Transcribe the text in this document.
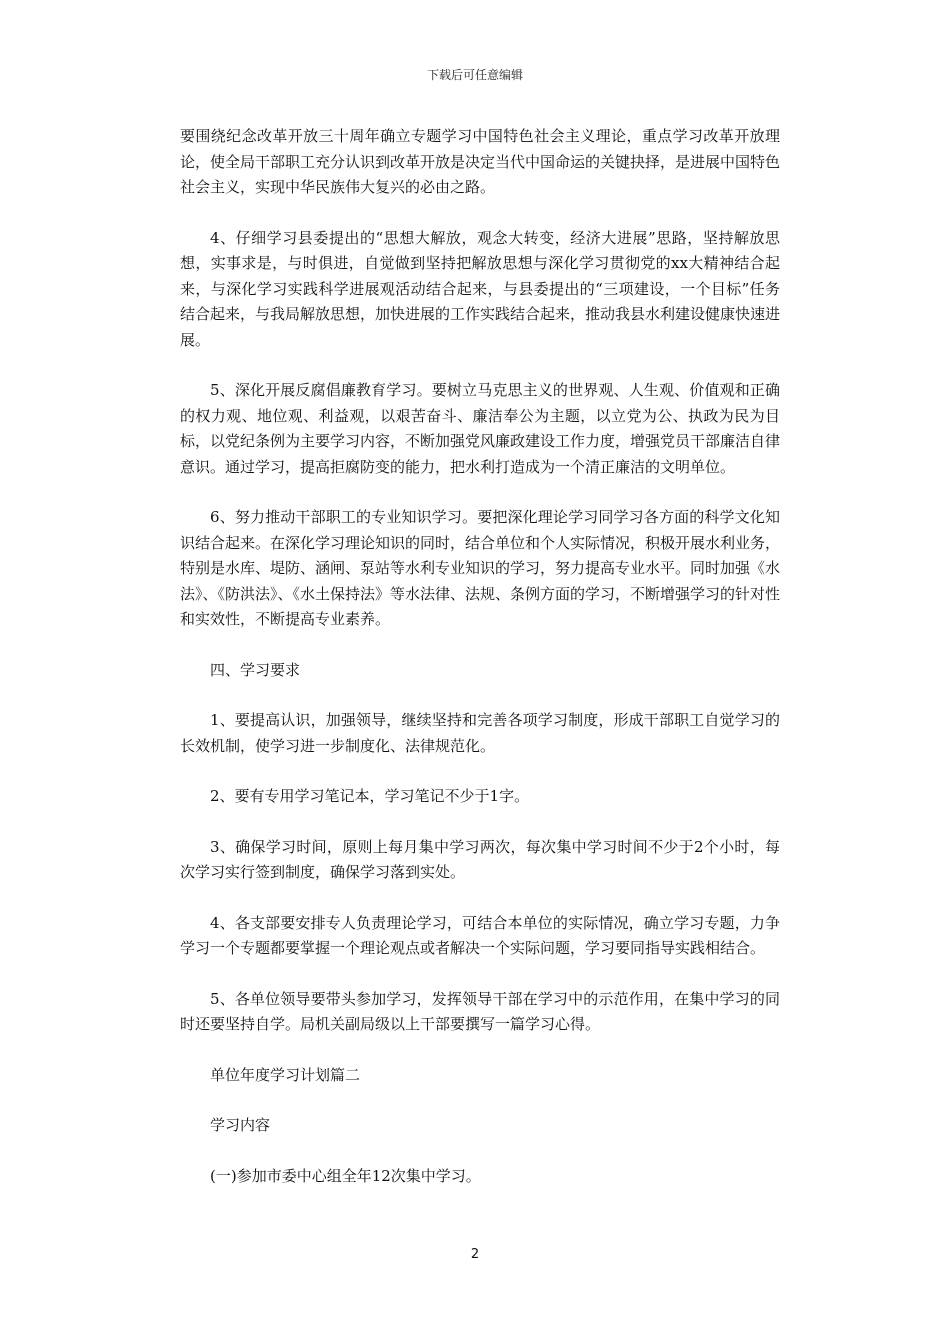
下载后可任意编辑

要围绕纪念改革开放三十周年确立专题学习中国特色社会主义理论，重点学习改革开放理论，使全局干部职工充分认识到改革开放是决定当代中国命运的关键抉择，是进展中国特色社会主义，实现中华民族伟大复兴的必由之路。

4、仔细学习县委提出的“思想大解放，观念大转变，经济大进展”思路，坚持解放思想，实事求是，与时俱进，自觉做到坚持把解放思想与深化学习贯彻党的xx大精神结合起来，与深化学习实践科学进展观活动结合起来，与县委提出的“三项建设，一个目标”任务结合起来，与我局解放思想，加快进展的工作实践结合起来，推动我县水利建设健康快速进展。

5、深化开展反腐倡廉教育学习。要树立马克思主义的世界观、人生观、价值观和正确的权力观、地位观、利益观，以艰苦奋斗、廉洁奉公为主题，以立党为公、执政为民为目标，以党纪条例为主要学习内容，不断加强党风廉政建设工作力度，增强党员干部廉洁自律意识。通过学习，提高拒腐防变的能力，把水利打造成为一个清正廉洁的文明单位。

6、努力推动干部职工的专业知识学习。要把深化理论学习同学习各方面的科学文化知识结合起来。在深化学习理论知识的同时，结合单位和个人实际情况，积极开展水利业务，特别是水库、堤防、涵闸、泵站等水利专业知识的学习，努力提高专业水平。同时加强《水法》、《防洪法》、《水土保持法》等水法律、法规、条例方面的学习，不断增强学习的针对性和实效性，不断提高专业素养。

四、学习要求

1、要提高认识，加强领导，继续坚持和完善各项学习制度，形成干部职工自觉学习的长效机制，使学习进一步制度化、法律规范化。

2、要有专用学习笔记本，学习笔记不少于1字。

3、确保学习时间，原则上每月集中学习两次，每次集中学习时间不少于2个小时，每次学习实行签到制度，确保学习落到实处。

4、各支部要安排专人负责理论学习，可结合本单位的实际情况，确立学习专题，力争学习一个专题都要掌握一个理论观点或者解决一个实际问题，学习要同指导实践相结合。

5、各单位领导要带头参加学习，发挥领导干部在学习中的示范作用，在集中学习的同时还要坚持自学。局机关副局级以上干部要撰写一篇学习心得。

单位年度学习计划篇二

学习内容

(一)参加市委中心组全年12次集中学习。

2
